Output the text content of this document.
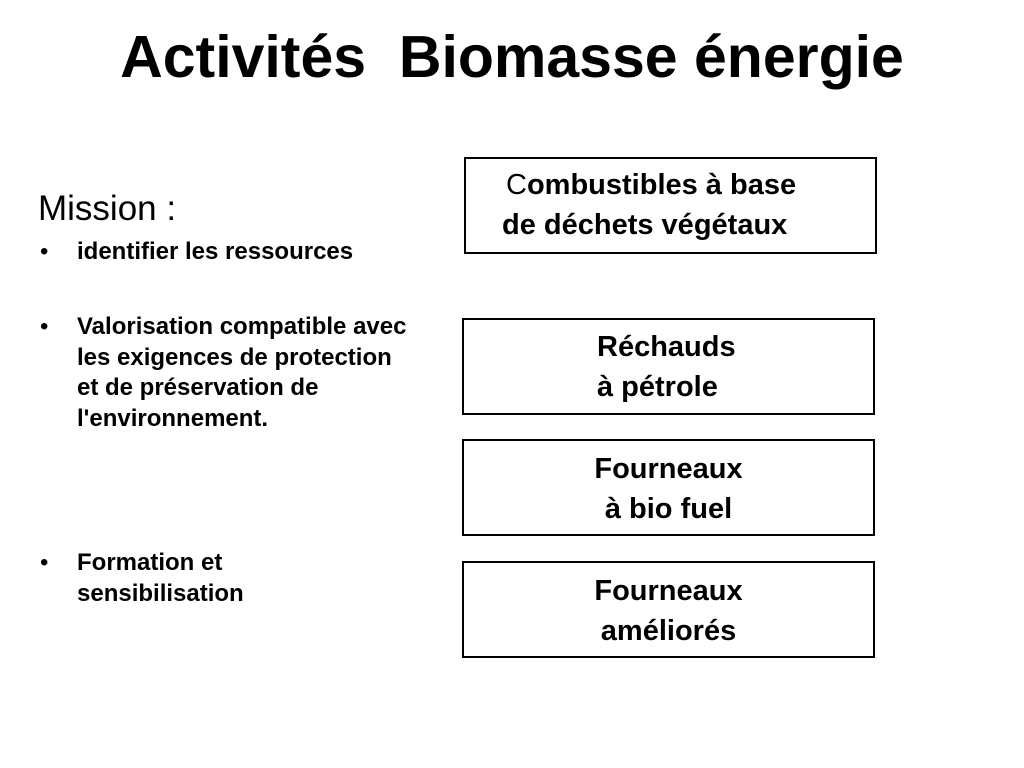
Activités  Biomasse énergie
Mission :
• identifier les ressources
• Valorisation compatible avec les exigences de protection et de préservation de l'environnement.
• Formation et sensibilisation
Combustibles à base
de déchets végétaux
Réchauds
à pétrole
Fourneaux
à bio fuel
Fourneaux
améliorés
